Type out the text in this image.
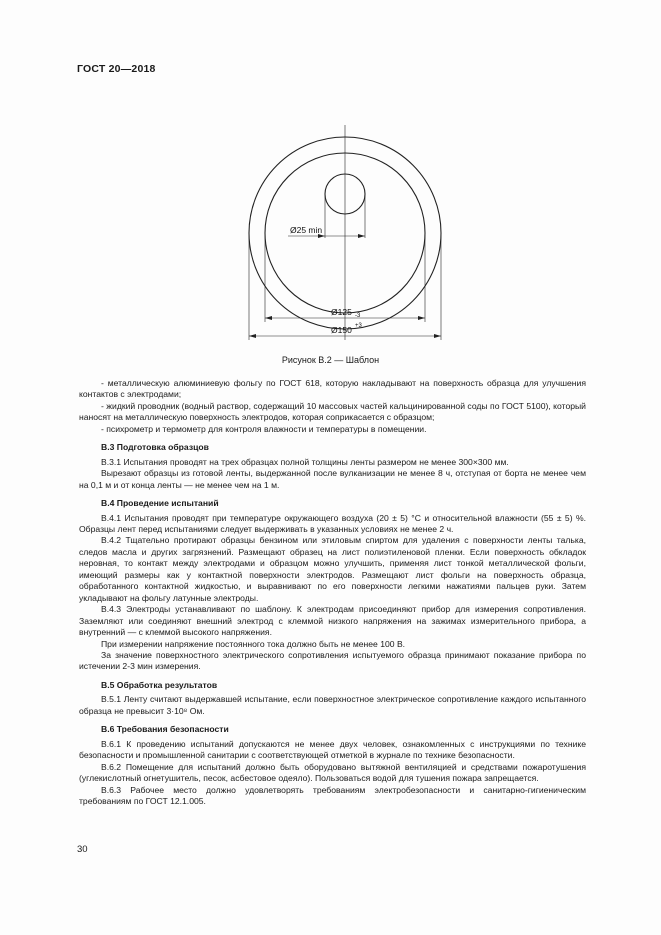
ГОСТ 20—2018
Ø25 min
Ø125 -3
Ø150 +3
Рисунок В.2 — Шаблон

- металлическую алюминиевую фольгу по ГОСТ 618, которую накладывают на поверхность образца для улучшения контактов с электродами;

- жидкий проводник (водный раствор, содержащий 10 массовых частей кальцинированной соды по ГОСТ 5100), который наносят на металлическую поверхность электродов, которая соприкасается с образцом;

- психрометр и термометр для контроля влажности и температуры в помещении.

В.3 Подготовка образцов

В.3.1 Испытания проводят на трех образцах полной толщины ленты размером не менее 300×300 мм.

Вырезают образцы из готовой ленты, выдержанной после вулканизации не менее 8 ч, отступая от борта не менее чем на 0,1 м и от конца ленты — не менее чем на 1 м.

В.4 Проведение испытаний

В.4.1 Испытания проводят при температуре окружающего воздуха (20 ± 5) °С и относительной влажности (55 ± 5) %. Образцы лент перед испытаниями следует выдерживать в указанных условиях не менее 2 ч.

В.4.2 Тщательно протирают образцы бензином или этиловым спиртом для удаления с поверхности ленты талька, следов масла и других загрязнений. Размещают образец на лист полиэтиленовой пленки. Если поверхность обкладок неровная, то контакт между электродами и образцом можно улучшить, применяя лист тонкой металлической фольги, имеющий размеры как у контактной поверхности электродов. Размещают лист фольги на поверхность образца, обработанного контактной жидкостью, и выравнивают по его поверхности легкими нажатиями пальцев руки. Затем укладывают на фольгу латунные электроды.

В.4.3 Электроды устанавливают по шаблону. К электродам присоединяют прибор для измерения сопротивления. Заземляют или соединяют внешний электрод с клеммой низкого напряжения на зажимах измерительного прибора, а внутренний — с клеммой высокого напряжения.

При измерении напряжение постоянного тока должно быть не менее 100 В.

За значение поверхностного электрического сопротивления испытуемого образца принимают показание прибора по истечении 2-3 мин измерения.

В.5 Обработка результатов

В.5.1 Ленту считают выдержавшей испытание, если поверхностное электрическое сопротивление каждого испытанного образца не превысит 3·10⁸ Ом.

В.6 Требования безопасности

В.6.1 К проведению испытаний допускаются не менее двух человек, ознакомленных с инструкциями по технике безопасности и промышленной санитарии с соответствующей отметкой в журнале по технике безопасности.

В.6.2 Помещение для испытаний должно быть оборудовано вытяжной вентиляцией и средствами пожаротушения (углекислотный огнетушитель, песок, асбестовое одеяло). Пользоваться водой для тушения пожара запрещается.

В.6.3 Рабочее место должно удовлетворять требованиям электробезопасности и санитарно-гигиеническим требованиям по ГОСТ 12.1.005.

30
